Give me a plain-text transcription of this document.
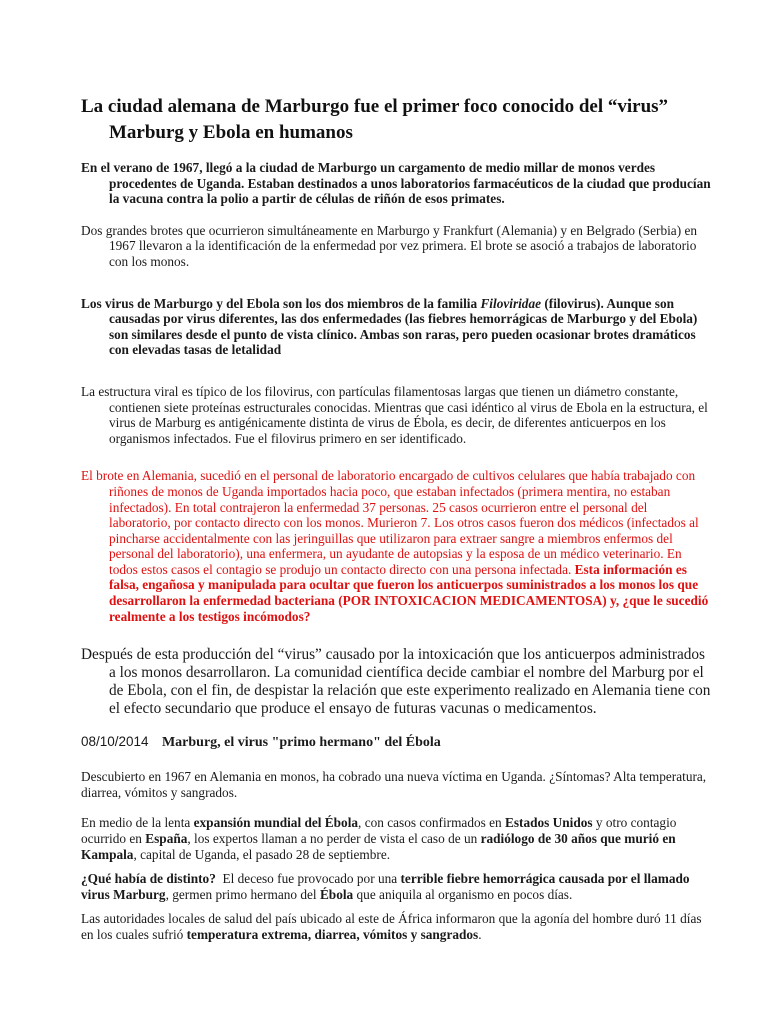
La ciudad alemana de Marburgo fue el primer foco conocido del “virus” Marburg y Ebola en humanos

En el verano de 1967, llegó a la ciudad de Marburgo un cargamento de medio millar de monos verdes procedentes de Uganda. Estaban destinados a unos laboratorios farmacéuticos de la ciudad que producían la vacuna contra la polio a partir de células de riñón de esos primates.

Dos grandes brotes que ocurrieron simultáneamente en Marburgo y Frankfurt (Alemania) y en Belgrado (Serbia) en 1967 llevaron a la identificación de la enfermedad por vez primera. El brote se asoció a trabajos de laboratorio con los monos.

Los virus de Marburgo y del Ebola son los dos miembros de la familia Filoviridae (filovirus). Aunque son causadas por virus diferentes, las dos enfermedades (las fiebres hemorrágicas de Marburgo y del Ebola) son similares desde el punto de vista clínico. Ambas son raras, pero pueden ocasionar brotes dramáticos con elevadas tasas de letalidad

La estructura viral es típico de los filovirus, con partículas filamentosas largas que tienen un diámetro constante, contienen siete proteínas estructurales conocidas. Mientras que casi idéntico al virus de Ebola en la estructura, el virus de Marburg es antigénicamente distinta de virus de Ébola, es decir, de diferentes anticuerpos en los organismos infectados. Fue el filovirus primero en ser identificado.

El brote en Alemania, sucedió en el personal de laboratorio encargado de cultivos celulares que había trabajado con riñones de monos de Uganda importados hacia poco, que estaban infectados (primera mentira, no estaban infectados). En total contrajeron la enfermedad 37 personas. 25 casos ocurrieron entre el personal del laboratorio, por contacto directo con los monos. Murieron 7. Los otros casos fueron dos médicos (infectados al pincharse accidentalmente con las jeringuillas que utilizaron para extraer sangre a miembros enfermos del personal del laboratorio), una enfermera, un ayudante de autopsias y la esposa de un médico veterinario. En todos estos casos el contagio se produjo un contacto directo con una persona infectada. Esta información es falsa, engañosa y manipulada para ocultar que fueron los anticuerpos suministrados a los monos los que desarrollaron la enfermedad bacteriana (POR INTOXICACION MEDICAMENTOSA) y, ¿que le sucedió realmente a los testigos incómodos?

Después de esta producción del “virus” causado por la intoxicación que los anticuerpos administrados a los monos desarrollaron. La comunidad científica decide cambiar el nombre del Marburg por el de Ebola, con el fin, de despistar la relación que este experimento realizado en Alemania tiene con el efecto secundario que produce el ensayo de futuras vacunas o medicamentos.

08/10/2014 Marburg, el virus "primo hermano" del Ébola

Descubierto en 1967 en Alemania en monos, ha cobrado una nueva víctima en Uganda. ¿Síntomas? Alta temperatura, diarrea, vómitos y sangrados.

En medio de la lenta expansión mundial del Ébola, con casos confirmados en Estados Unidos y otro contagio ocurrido en España, los expertos llaman a no perder de vista el caso de un radiólogo de 30 años que murió en Kampala, capital de Uganda, el pasado 28 de septiembre.

¿Qué había de distinto?  El deceso fue provocado por una terrible fiebre hemorrágica causada por el llamado virus Marburg, germen primo hermano del Ébola que aniquila al organismo en pocos días.

Las autoridades locales de salud del país ubicado al este de África informaron que la agonía del hombre duró 11 días en los cuales sufrió temperatura extrema, diarrea, vómitos y sangrados.
